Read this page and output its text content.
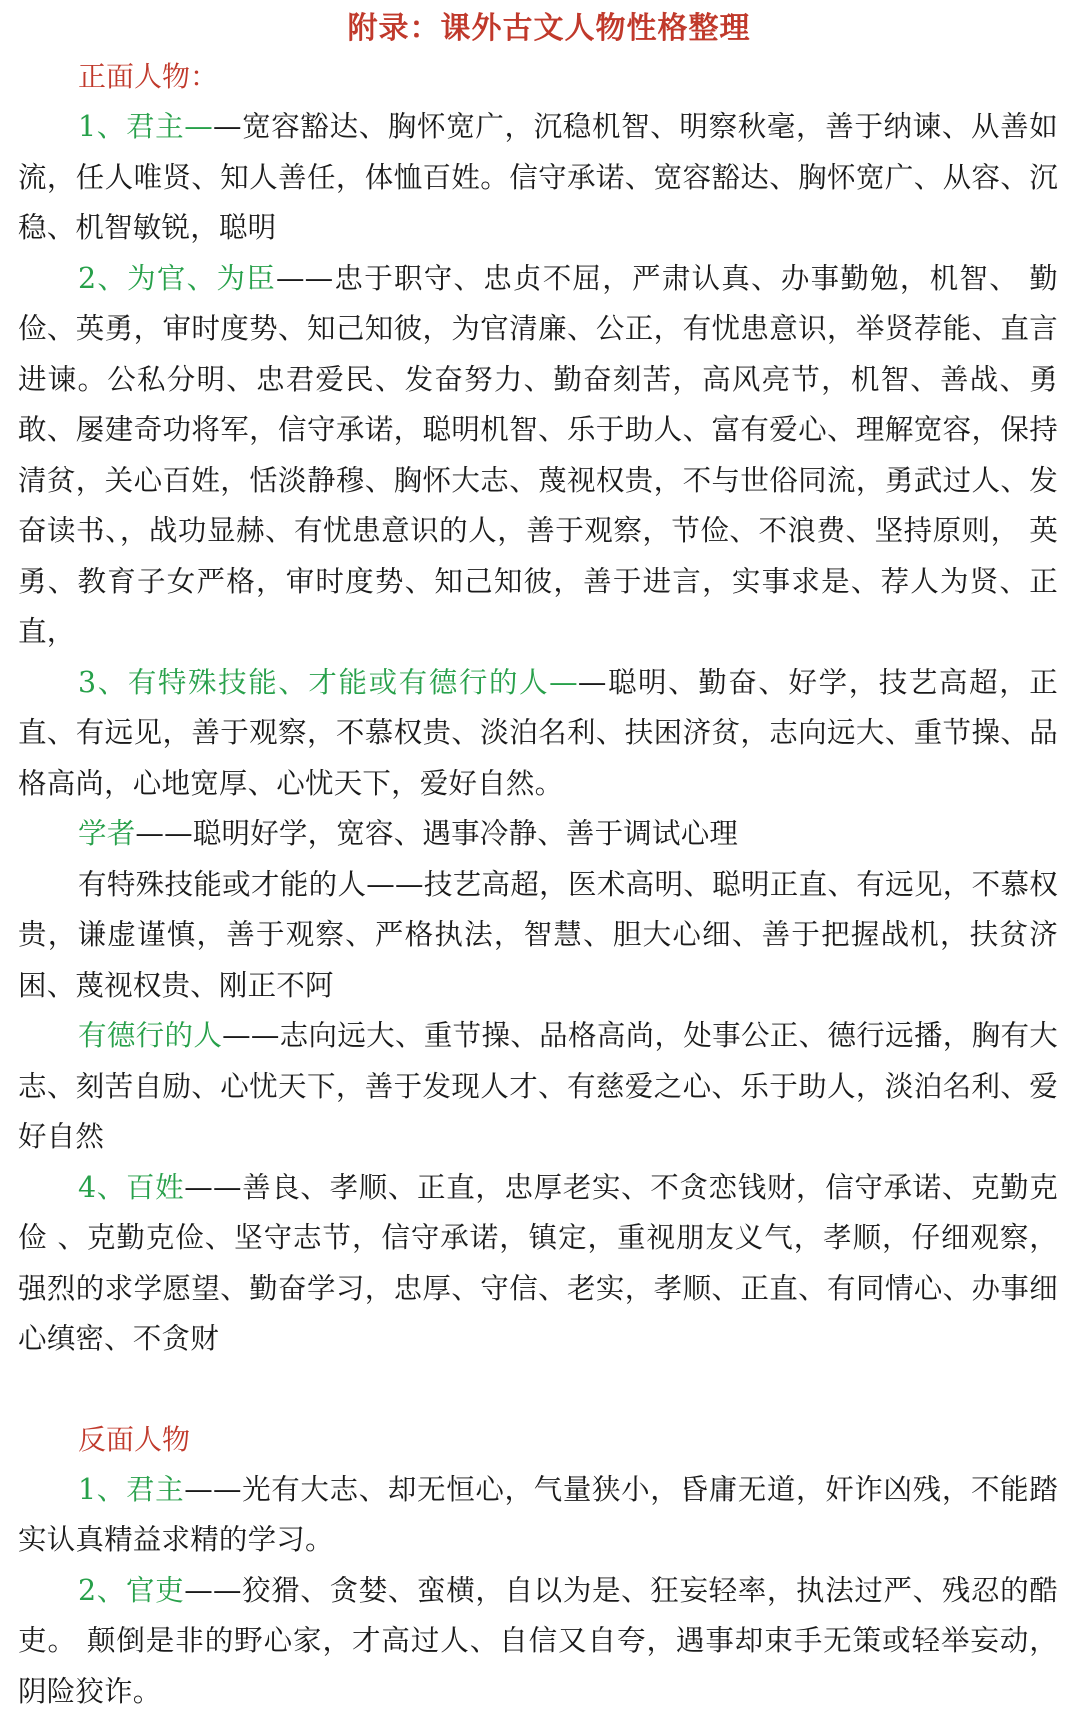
附录：课外古文人物性格整理
正面人物：

1、君主——宽容豁达、胸怀宽广，沉稳机智、明察秋毫，善于纳谏、从善如流，任人唯贤、知人善任，体恤百姓。信守承诺、宽容豁达、胸怀宽广、从容、沉稳、机智敏锐，聪明

2、为官、为臣——忠于职守、忠贞不屈，严肃认真、办事勤勉，机智、 勤俭、英勇，审时度势、知己知彼，为官清廉、公正，有忧患意识，举贤荐能、直言进谏。公私分明、忠君爱民、发奋努力、勤奋刻苦，高风亮节，机智、善战、勇敢、屡建奇功将军，信守承诺，聪明机智、乐于助人、富有爱心、理解宽容，保持清贫，关心百姓，恬淡静穆、胸怀大志、蔑视权贵，不与世俗同流，勇武过人、发奋读书、，战功显赫、有忧患意识的人，善于观察，节俭、不浪费、坚持原则， 英勇、教育子女严格，审时度势、知己知彼，善于进言，实事求是、荐人为贤、正直，

3、有特殊技能、才能或有德行的人——聪明、勤奋、好学，技艺高超，正直、有远见，善于观察，不慕权贵、淡泊名利、扶困济贫，志向远大、重节操、品格高尚，心地宽厚、心忧天下，爱好自然。

学者——聪明好学，宽容、遇事冷静、善于调试心理

有特殊技能或才能的人——技艺高超，医术高明、聪明正直、有远见，不慕权贵，谦虚谨慎，善于观察、严格执法，智慧、胆大心细、善于把握战机，扶贫济困、蔑视权贵、刚正不阿

有德行的人——志向远大、重节操、品格高尚，处事公正、德行远播，胸有大志、刻苦自励、心忧天下，善于发现人才、有慈爱之心、乐于助人，淡泊名利、爱好自然

4、百姓——善良、孝顺、正直，忠厚老实、不贪恋钱财，信守承诺、克勤克俭 、克勤克俭、坚守志节，信守承诺，镇定，重视朋友义气，孝顺，仔细观察，强烈的求学愿望、勤奋学习，忠厚、守信、老实，孝顺、正直、有同情心、办事细心缜密、不贪财

反面人物

1、君主——光有大志、却无恒心，气量狭小，昏庸无道，奸诈凶残，不能踏实认真精益求精的学习。

2、官吏——狡猾、贪婪、蛮横，自以为是、狂妄轻率，执法过严、残忍的酷吏。 颠倒是非的野心家，才高过人、自信又自夸，遇事却束手无策或轻举妄动， 阴险狡诈。
